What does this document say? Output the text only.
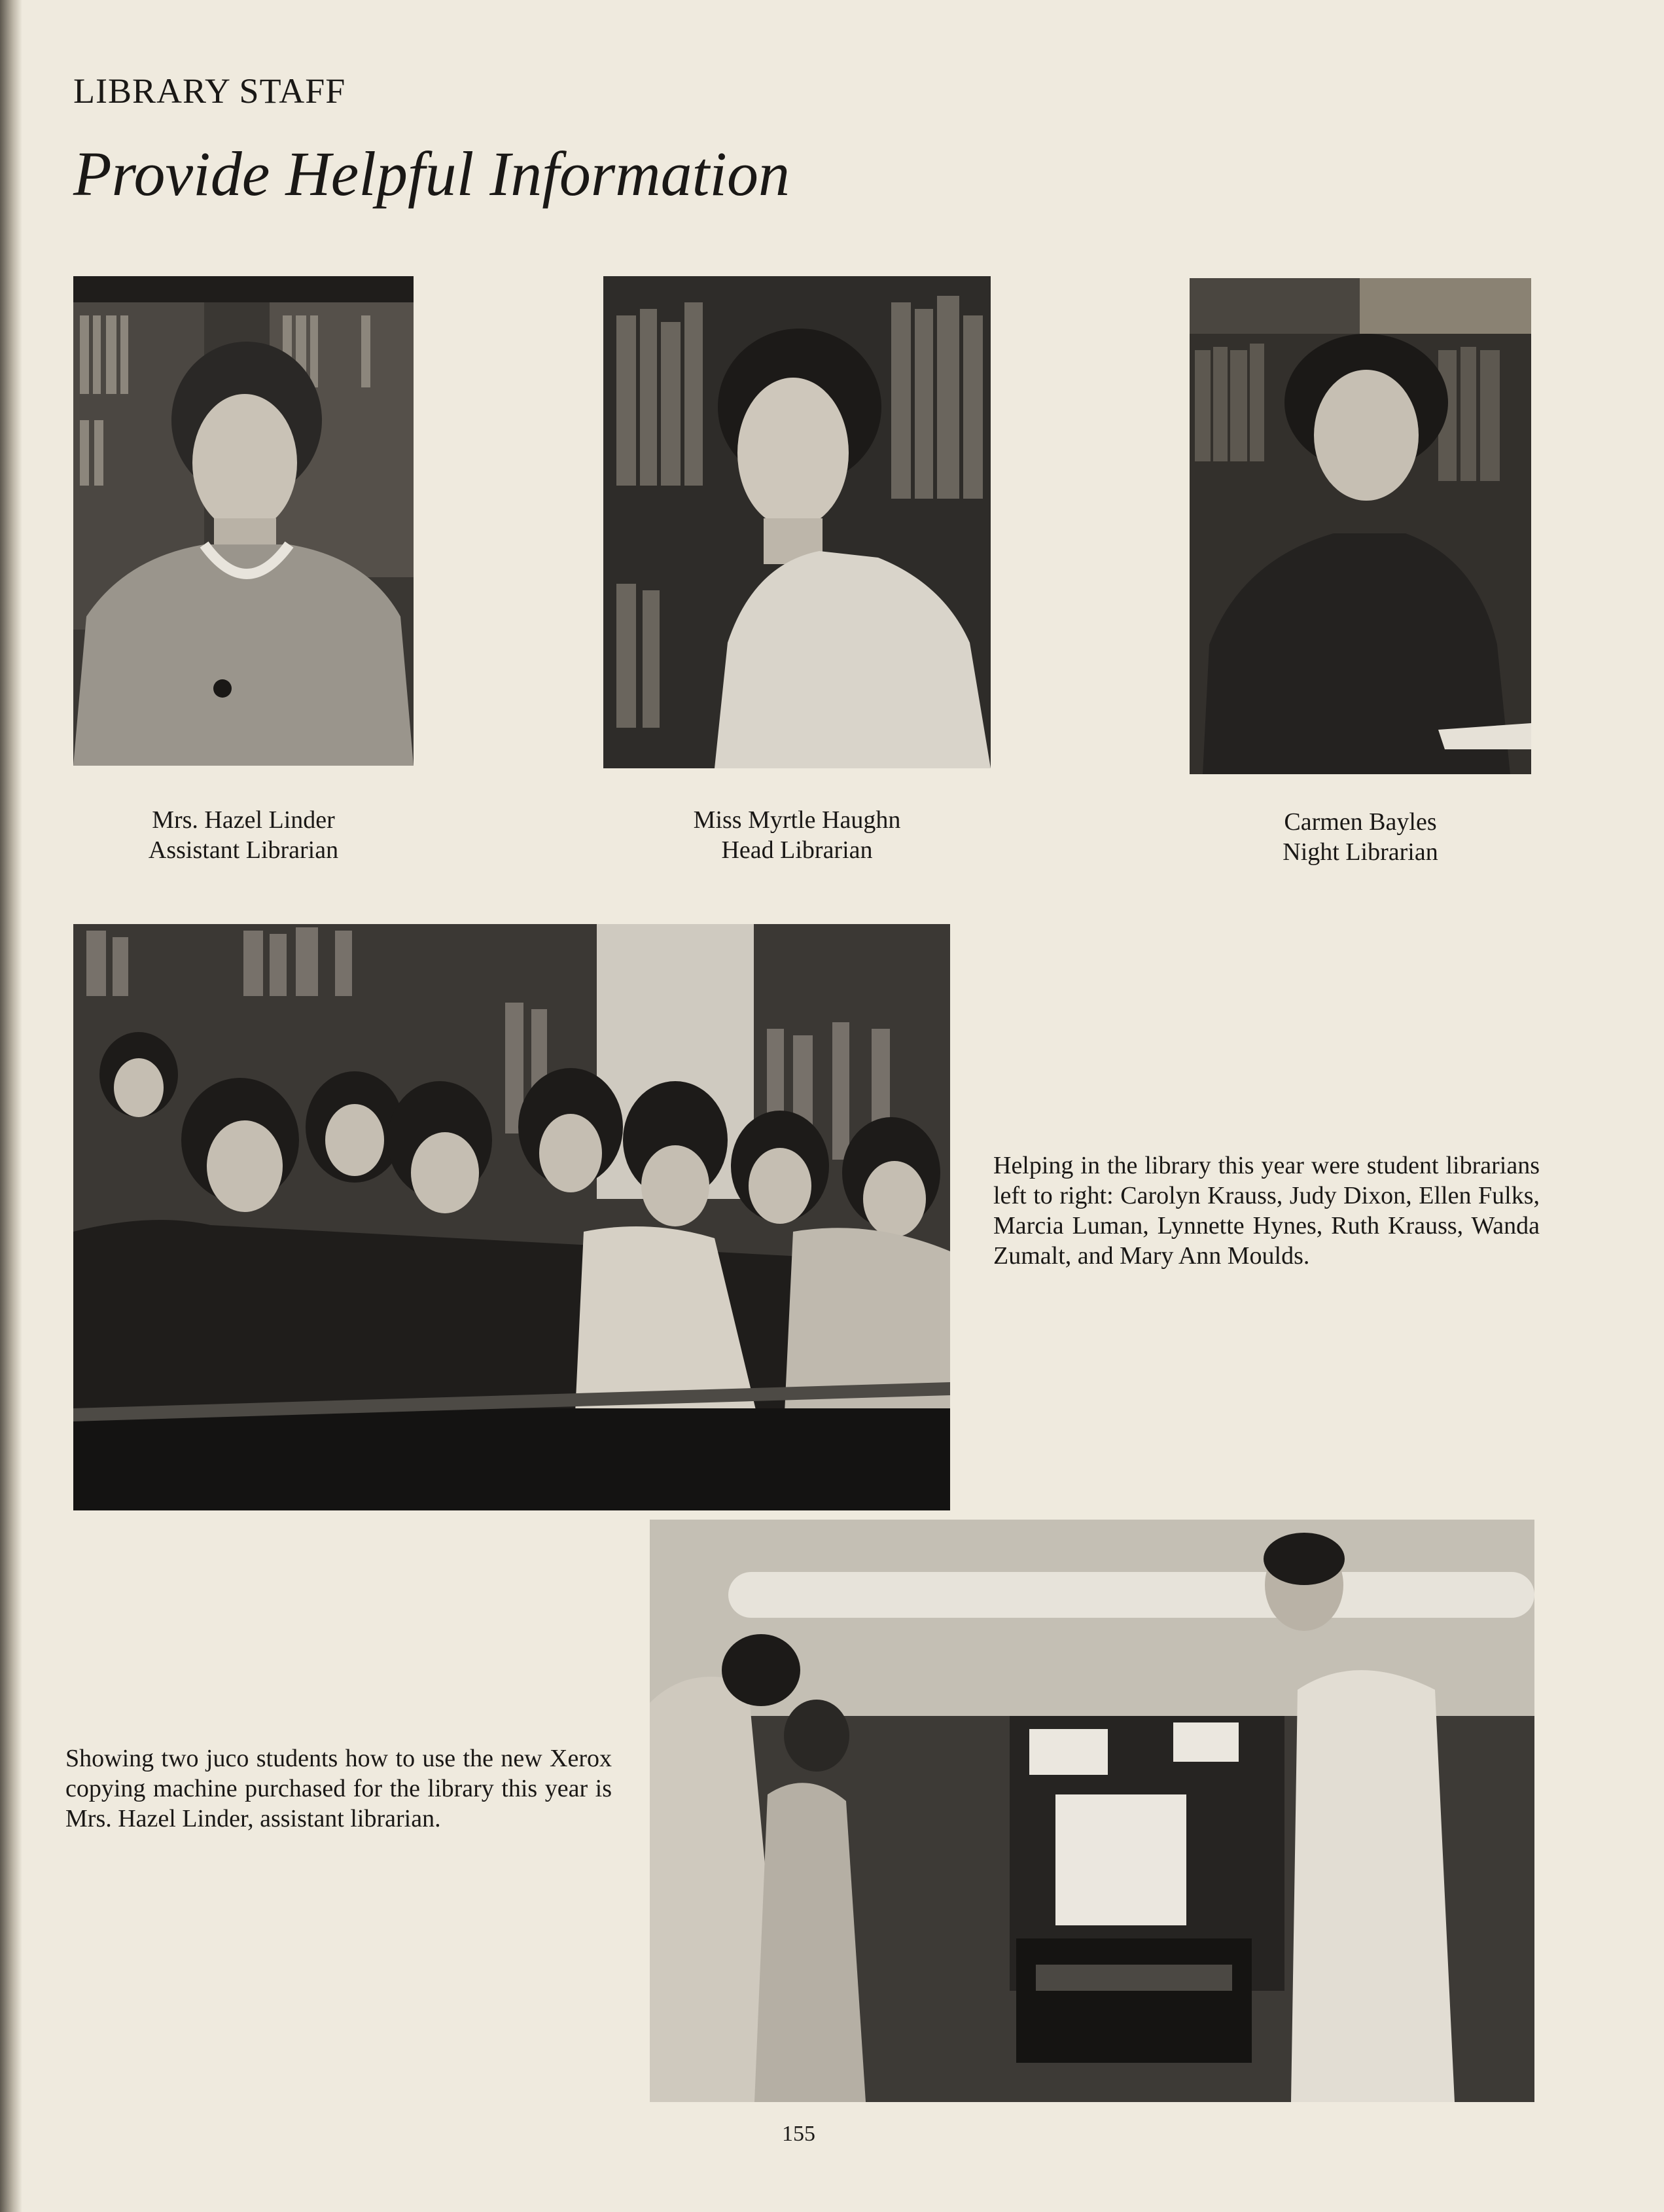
LIBRARY STAFF
Provide Helpful Information
Mrs. Hazel Linder
Assistant Librarian
Miss Myrtle Haughn
Head Librarian
Carmen Bayles
Night Librarian

Helping in the library this year were student librarians left to right: Carolyn Krauss, Judy Dixon, Ellen Fulks, Marcia Luman, Lynnette Hynes, Ruth Krauss, Wanda Zumalt, and Mary Ann Moulds.

Showing two juco students how to use the new Xerox copying machine purchased for the library this year is Mrs. Hazel Linder, assistant librarian.

155
